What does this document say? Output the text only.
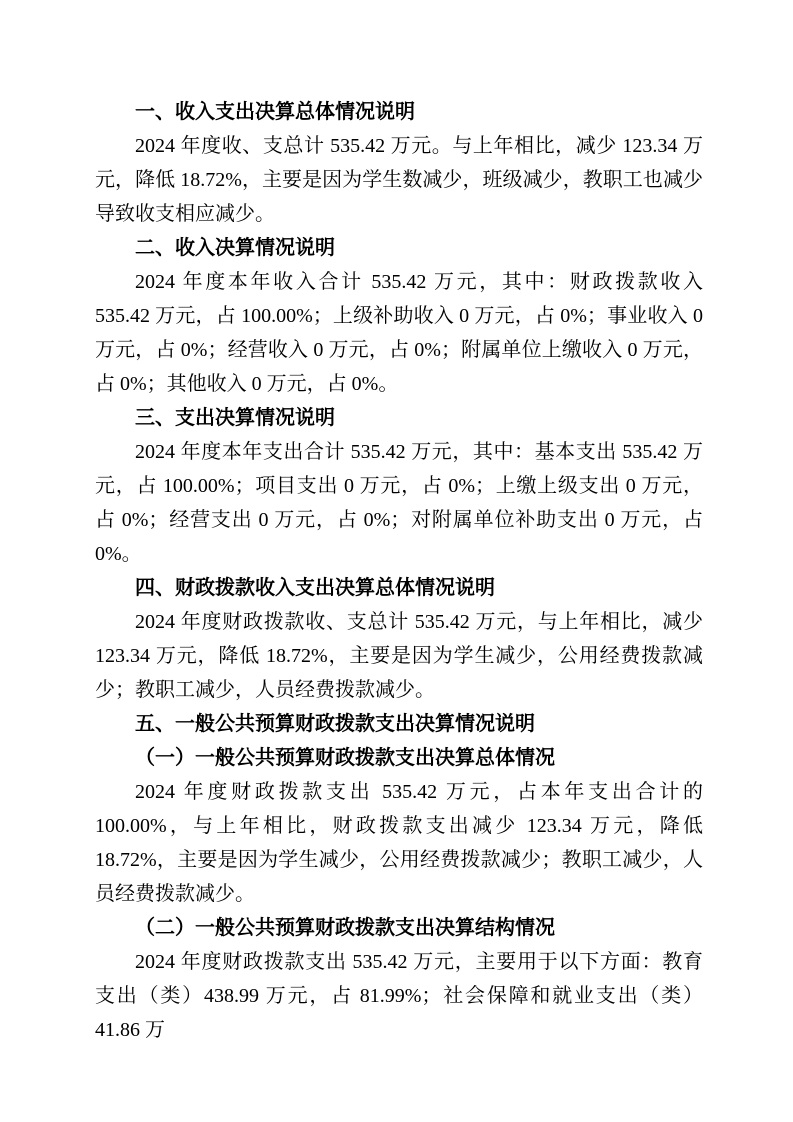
一、收入支出决算总体情况说明

2024 年度收、支总计 535.42 万元。与上年相比，减少 123.34 万元，降低 18.72%，主要是因为学生数减少，班级减少，教职工也减少导致收支相应减少。

二、收入决算情况说明

2024 年度本年收入合计 535.42 万元，其中：财政拨款收入 535.42 万元，占 100.00%；上级补助收入 0 万元，占 0%；事业收入 0 万元，占 0%；经营收入 0 万元，占 0%；附属单位上缴收入 0 万元，占 0%；其他收入 0 万元，占 0%。

三、支出决算情况说明

2024 年度本年支出合计 535.42 万元，其中：基本支出 535.42 万元，占 100.00%；项目支出 0 万元，占 0%；上缴上级支出 0 万元，占 0%；经营支出 0 万元，占 0%；对附属单位补助支出 0 万元，占 0%。

四、财政拨款收入支出决算总体情况说明

2024 年度财政拨款收、支总计 535.42 万元，与上年相比，减少 123.34 万元，降低 18.72%，主要是因为学生减少，公用经费拨款减少；教职工减少，人员经费拨款减少。

五、一般公共预算财政拨款支出决算情况说明
（一）一般公共预算财政拨款支出决算总体情况

2024 年度财政拨款支出 535.42 万元，占本年支出合计的 100.00%，与上年相比，财政拨款支出减少 123.34 万元，降低 18.72%，主要是因为学生减少，公用经费拨款减少；教职工减少，人员经费拨款减少。

（二）一般公共预算财政拨款支出决算结构情况

2024 年度财政拨款支出 535.42 万元，主要用于以下方面：教育支出（类）438.99 万元，占 81.99%；社会保障和就业支出（类）41.86 万
